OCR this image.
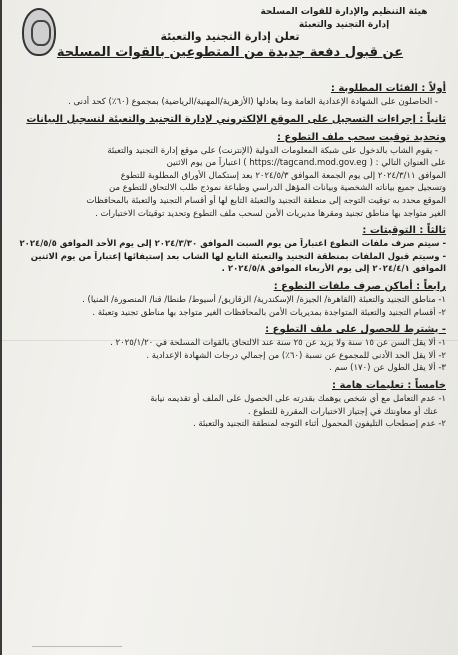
هيئة التنظيم والإدارة للقوات المسلحة
إدارة التجنيد والتعبئة
تعلن إدارة التجنيد والتعبئة
عن قبول دفعة جديدة من المتطوعين بالقوات المسلحة
أولاً : الفئات المطلوبة :
- الحاصلون على الشهادة الإعدادية العامة وما يعادلها (الأزهرية/المهنية/الرياضية) بمجموع (٦٠٪) كحد أدنى .
ثانياً : إجراءات التسجيل على الموقع الإلكتروني لإدارة التجنيد والتعبئة لتسجيل البيانات
وتحديد توقيت سحب ملف التطوع :
- يقوم الشاب بالدخول على شبكة المعلومات الدولية (الإنترنت) على موقع إدارة التجنيد والتعبئة
على العنوان التالي : ( https://tagcand.mod.gov.eg ) اعتباراً من يوم الاثنين
الموافق ٢٠٢٤/٣/١١ إلى يوم الجمعة الموافق ٢٠٢٤/٥/٣ بعد إستكمال الأوراق المطلوبة للتطوع
وتسجيل جميع بياناته الشخصية وبيانات المؤهل الدراسي وطباعة نموذج طلب الالتحاق للتطوع من
الموقع محدد به توقيت التوجه إلى منطقة التجنيد والتعبئة التابع لها أو أقسام التجنيد والتعبئة بالمحافظات
الغير متواجد بها مناطق تجنيد ومقرها مديريات الأمن لسحب ملف التطوع وتحديد توقيتات الاختبارات .
ثالثاً : التوقيتات :
- سيتم صرف ملفات التطوع اعتباراً من يوم السبت الموافق ٢٠٢٤/٣/٣٠ إلى يوم الأحد الموافق ٢٠٢٤/٥/٥
- وسيتم قبول الملفات بمنطقة التجنيد والتعبئة التابع لها الشاب بعد إستيفائها إعتباراً من يوم الاثنين
الموافق ٢٠٢٤/٤/١ إلى يوم الأربعاء الموافق ٢٠٢٤/٥/٨ .
رابعاً : أماكن صرف ملفات التطوع :
١- مناطق التجنيد والتعبئة (القاهرة/ الجيزة/ الإسكندرية/ الزقازيق/ أسيوط/ طنطا/ قنا/ المنصورة/ المنيا) .
٢- أقسام التجنيد والتعبئة المتواجدة بمديريات الأمن بالمحافظات الغير متواجد بها مناطق تجنيد وتعبئة .
- يشترط للحصول على ملف التطوع :
١- ألا يقل السن عن ١٥ سنة ولا يزيد عن ٢٥ سنة عند الالتحاق بالقوات المسلحة في ٢٠٢٥/١/٢٠ .
٢- ألا يقل الحد الأدنى للمجموع عن نسبة (٦٠٪) من إجمالي درجات الشهادة الإعدادية .
٣- ألا يقل الطول عن (١٧٠) سم .
خامساً : تعليمات هامة :
١- عدم التعامل مع أي شخص يوهمك بقدرته على الحصول على الملف أو تقديمه نيابة
عنك أو معاونتك في إجتياز الاختبارات المقررة للتطوع .
٢- عدم إصطحاب التليفون المحمول أثناء التوجه لمنطقة التجنيد والتعبئة .
